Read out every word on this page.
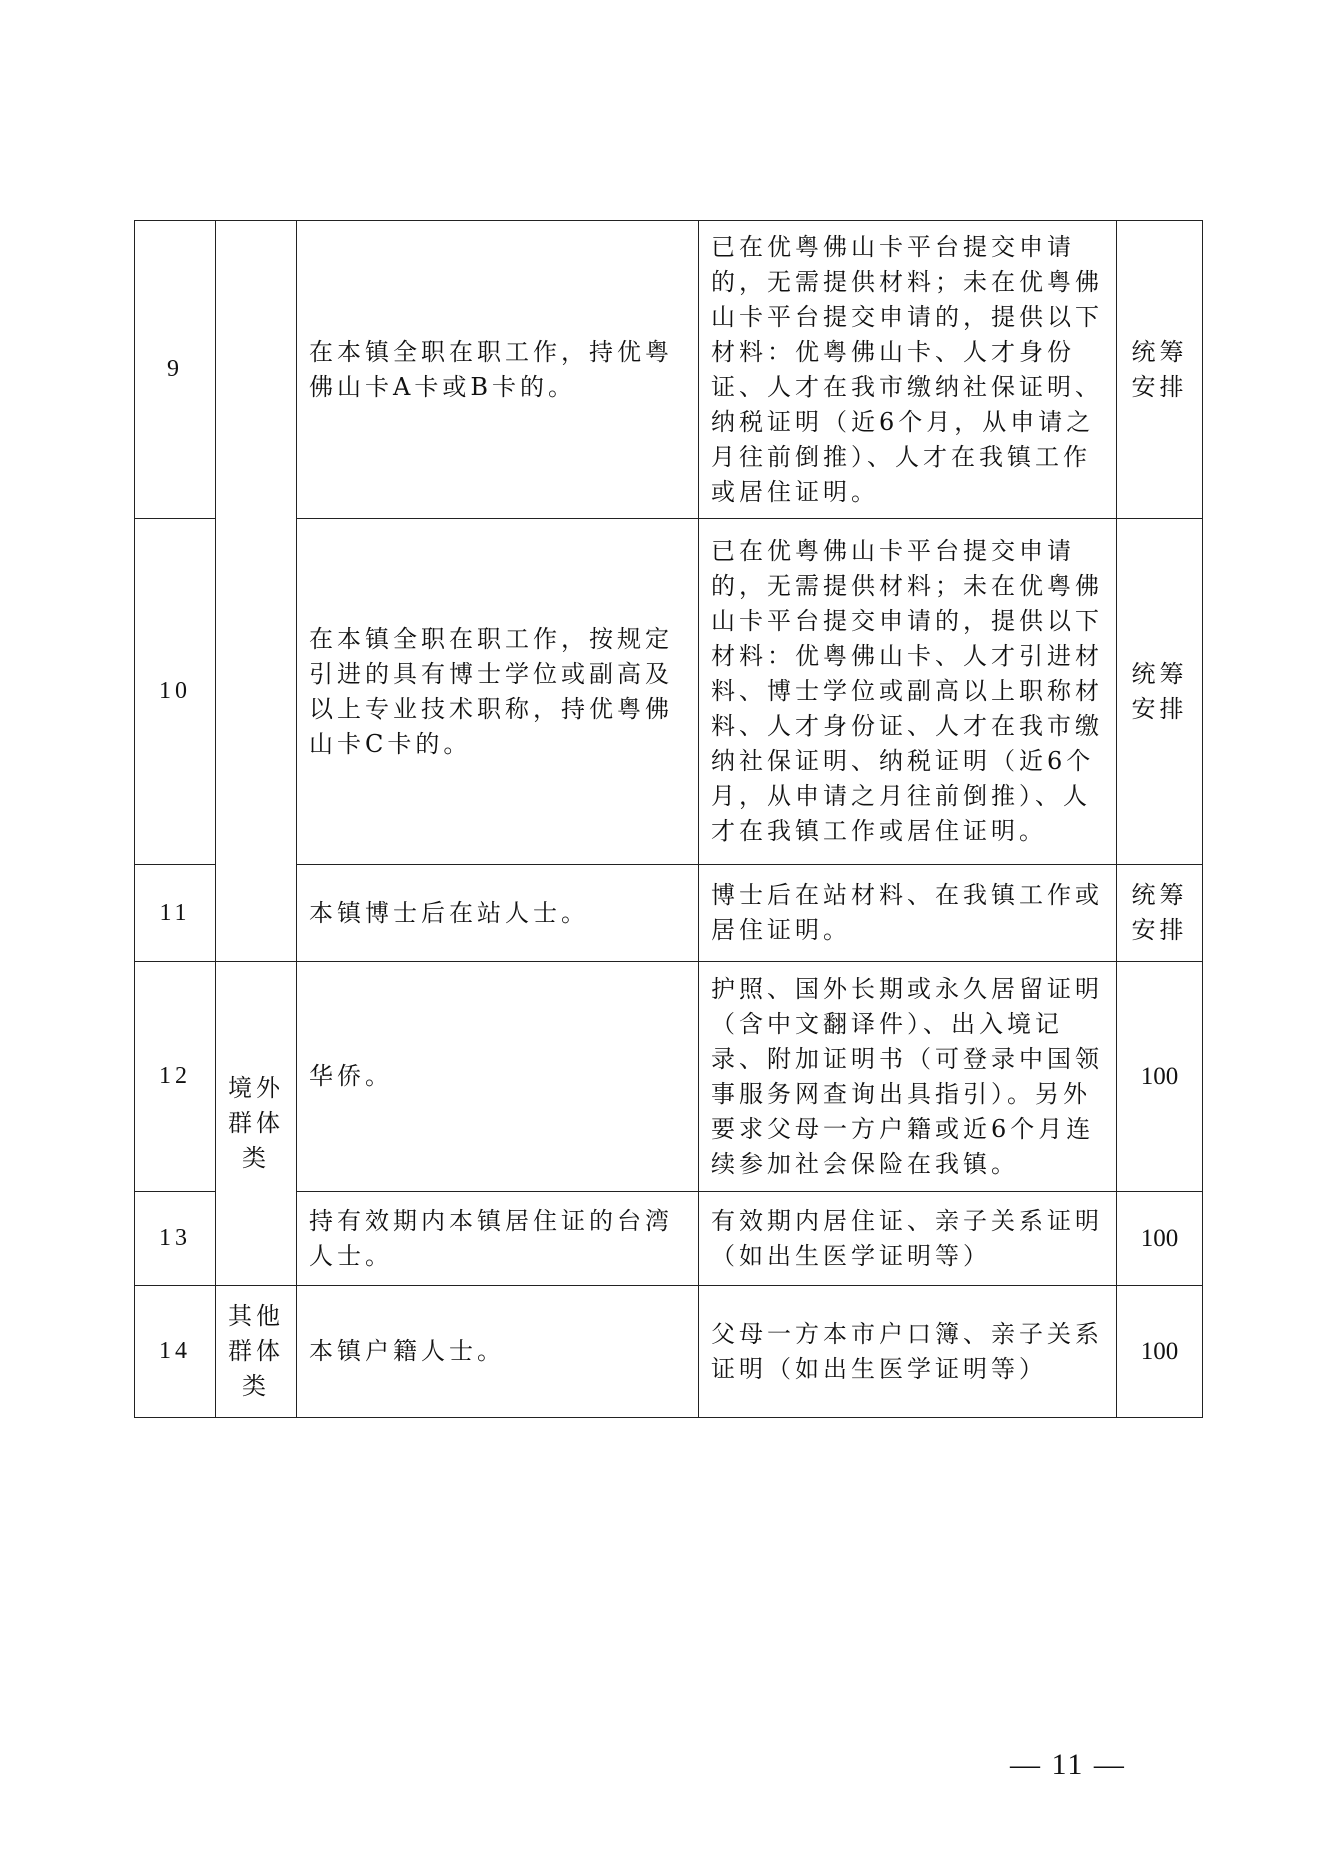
9		在本镇全职在职工作，持优粤佛山卡A卡或B卡的。	已在优粤佛山卡平台提交申请的，无需提供材料；未在优粤佛山卡平台提交申请的，提供以下材料：优粤佛山卡、人才身份证、人才在我市缴纳社保证明、纳税证明（近6个月，从申请之月往前倒推）、人才在我镇工作或居住证明。	统筹安排
10		在本镇全职在职工作，按规定引进的具有博士学位或副高及以上专业技术职称，持优粤佛山卡C卡的。	已在优粤佛山卡平台提交申请的，无需提供材料；未在优粤佛山卡平台提交申请的，提供以下材料：优粤佛山卡、人才引进材料、博士学位或副高以上职称材料、人才身份证、人才在我市缴纳社保证明、纳税证明（近6个月，从申请之月往前倒推）、人才在我镇工作或居住证明。	统筹安排
11		本镇博士后在站人士。	博士后在站材料、在我镇工作或居住证明。	统筹安排
12	境外群体类	华侨。	护照、国外长期或永久居留证明（含中文翻译件）、出入境记录、附加证明书（可登录中国领事服务网查询出具指引）。另外要求父母一方户籍或近6个月连续参加社会保险在我镇。	100
13		持有效期内本镇居住证的台湾人士。	有效期内居住证、亲子关系证明（如出生医学证明等）	100
14	其他群体类	本镇户籍人士。	父母一方本市户口簿、亲子关系证明（如出生医学证明等）	100
— 11 —
